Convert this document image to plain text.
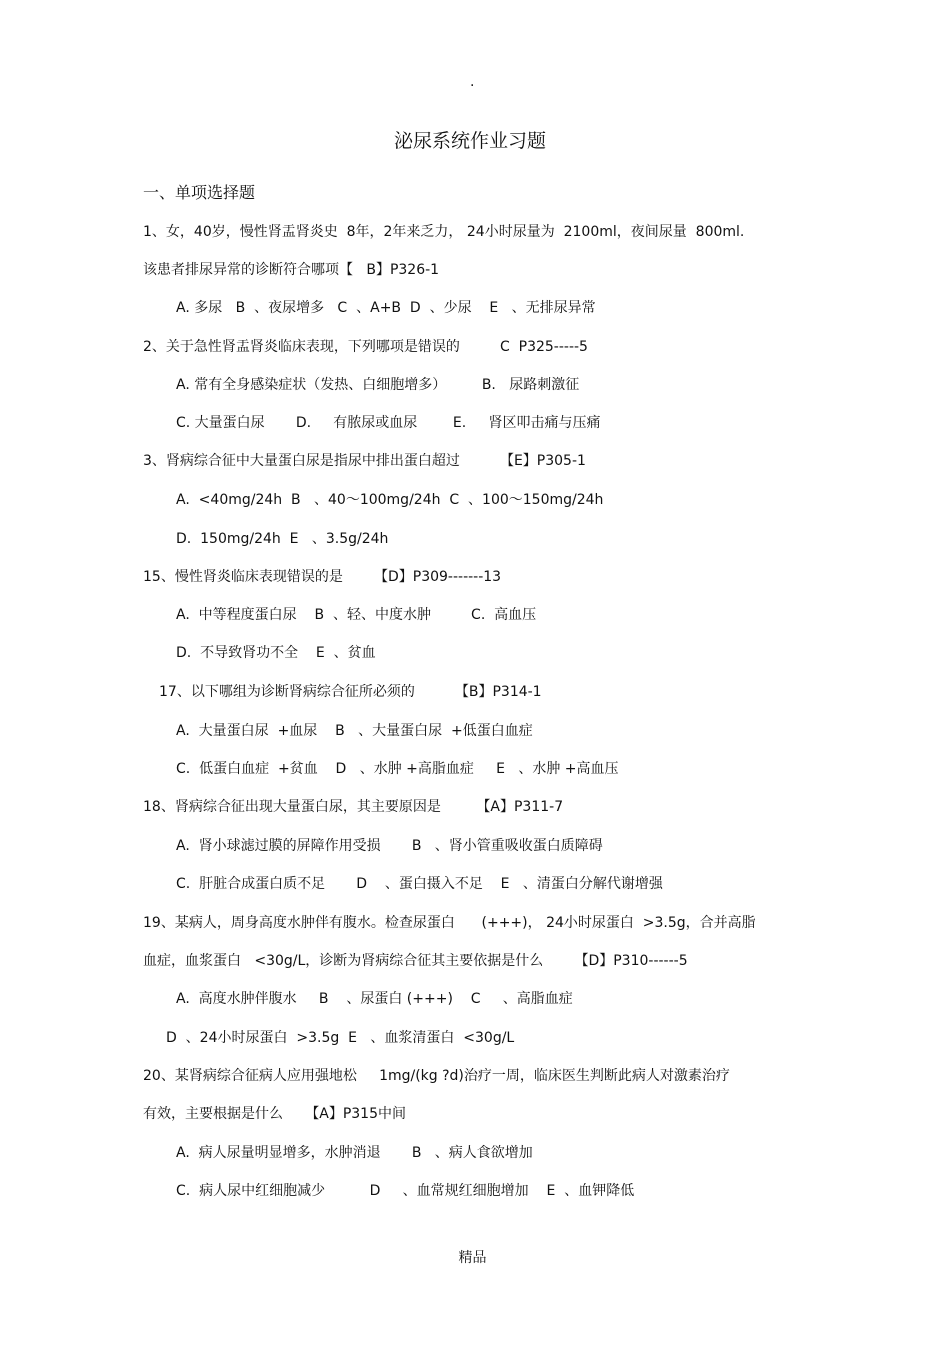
.
泌尿系统作业习题
一、单项选择题
1、女，40岁，慢性肾盂肾炎史  8年，2年来乏力， 24小时尿量为  2100ml，夜间尿量  800ml.
该患者排尿异常的诊断符合哪项【   B】P326-1
A. 多尿   B  、夜尿增多   C  、A+B  D  、少尿    E   、无排尿异常
2、关于急性肾盂肾炎临床表现，下列哪项是错误的         C  P325-----5
A. 常有全身感染症状（发热、白细胞增多）        B.   尿路刺激征
C. 大量蛋白尿       D.     有脓尿或血尿        E.     肾区叩击痛与压痛
3、肾病综合征中大量蛋白尿是指尿中排出蛋白超过         【E】P305-1
A.  <40mg/24h  B   、40～100mg/24h  C  、100～150mg/24h
D.  150mg/24h  E   、3.5g/24h
15、慢性肾炎临床表现错误的是       【D】P309-------13
A.  中等程度蛋白尿    B  、轻、中度水肿         C.  高血压
D.  不导致肾功不全    E  、贫血
17、以下哪组为诊断肾病综合征所必须的         【B】P314-1
A.  大量蛋白尿  +血尿    B   、大量蛋白尿  +低蛋白血症
C.  低蛋白血症  +贫血    D   、水肿 +高脂血症     E   、水肿 +高血压
18、肾病综合征出现大量蛋白尿，其主要原因是        【A】P311-7
A.  肾小球滤过膜的屏障作用受损       B   、肾小管重吸收蛋白质障碍
C.  肝脏合成蛋白质不足       D    、蛋白摄入不足    E   、清蛋白分解代谢增强
19、某病人，周身高度水肿伴有腹水。检查尿蛋白      (+++)， 24小时尿蛋白  >3.5g，合并高脂
血症，血浆蛋白   <30g/L，诊断为肾病综合征其主要依据是什么       【D】P310------5
A.  高度水肿伴腹水     B    、尿蛋白 (+++)    C     、高脂血症
D  、24小时尿蛋白  >3.5g  E   、血浆清蛋白  <30g/L
20、某肾病综合征病人应用强地松     1mg/(kg ?d)治疗一周，临床医生判断此病人对激素治疗
有效，主要根据是什么     【A】P315中间
A.  病人尿量明显增多，水肿消退       B   、病人食欲增加
C.  病人尿中红细胞减少          D     、血常规红细胞增加    E  、血钾降低
精品
